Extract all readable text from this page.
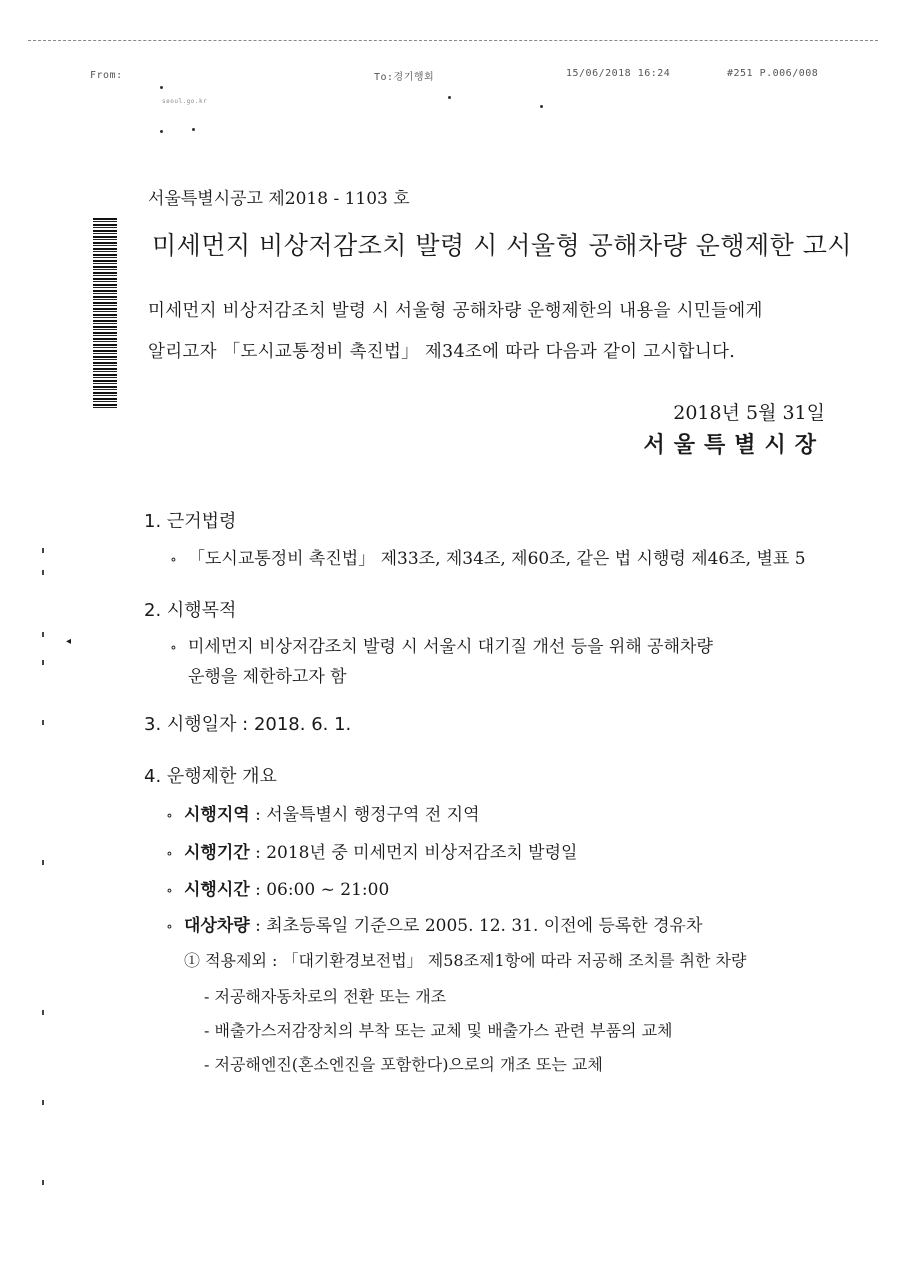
◂
From:	To:경기행회	15/06/2018 16:24	#251 P.006/008
seoul.go.kr
서울특별시공고 제2018 - 1103 호
미세먼지 비상저감조치 발령 시 서울형 공해차량 운행제한 고시
미세먼지 비상저감조치 발령 시 서울형 공해차량 운행제한의 내용을 시민들에게
알리고자 「도시교통정비 촉진법」 제34조에 따라 다음과 같이 고시합니다.
2018년 5월 31일
서울특별시장
1. 근거법령
∘ 「도시교통정비 촉진법」 제33조, 제34조, 제60조, 같은 법 시행령 제46조, 별표 5
2. 시행목적
∘ 미세먼지 비상저감조치 발령 시 서울시 대기질 개선 등을 위해 공해차량
운행을 제한하고자 함
3. 시행일자 : 2018. 6. 1.
4. 운행제한 개요
∘ 시행지역 : 서울특별시 행정구역 전 지역
∘ 시행기간 : 2018년 중 미세먼지 비상저감조치 발령일
∘ 시행시간 : 06:00 ~ 21:00
∘ 대상차량 : 최초등록일 기준으로 2005. 12. 31. 이전에 등록한 경유차
① 적용제외 : 「대기환경보전법」 제58조제1항에 따라 저공해 조치를 취한 차량
- 저공해자동차로의 전환 또는 개조
- 배출가스저감장치의 부착 또는 교체 및 배출가스 관련 부품의 교체
- 저공해엔진(혼소엔진을 포함한다)으로의 개조 또는 교체
